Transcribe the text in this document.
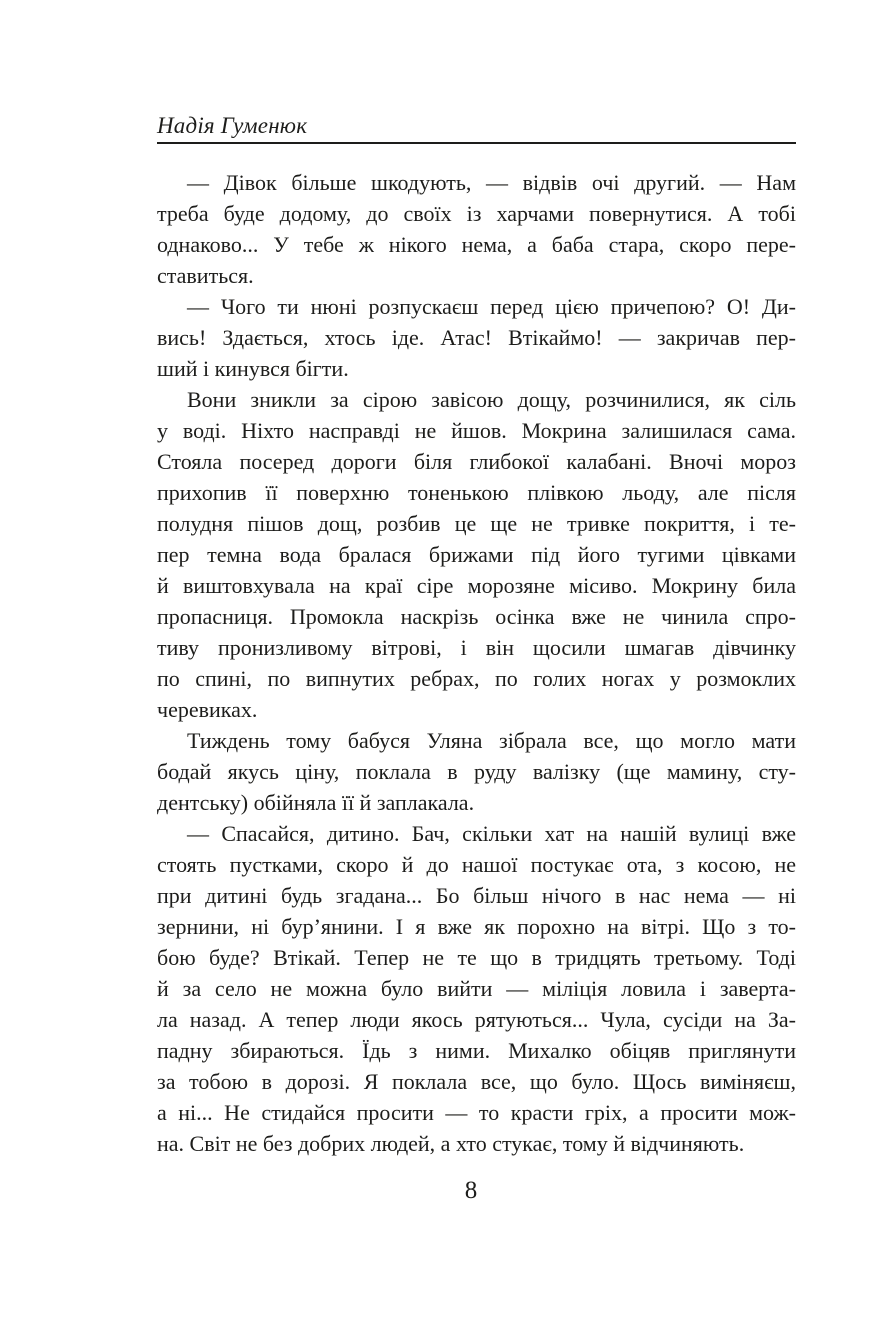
Надія Гуменюк
— Дівок більше шкодують, — відвів очі другий. — Нам
треба буде додому, до своїх із харчами повернутися. А тобі
однаково... У тебе ж нікого нема, а баба стара, скоро пере-
ставиться.
— Чого ти нюні розпускаєш перед цією причепою? О! Ди-
вись! Здається, хтось іде. Атас! Втікаймо! — закричав пер-
ший і кинувся бігти.
Вони зникли за сірою завісою дощу, розчинилися, як сіль
у воді. Ніхто насправді не йшов. Мокрина залишилася сама.
Стояла посеред дороги біля глибокої калабані. Вночі мороз
прихопив її поверхню тоненькою плівкою льоду, але після
полудня пішов дощ, розбив це ще не тривке покриття, і те-
пер темна вода бралася брижами під його тугими цівками
й виштовхувала на краї сіре морозяне місиво. Мокрину била
пропасниця. Промокла наскрізь осінка вже не чинила спро-
тиву пронизливому вітрові, і він щосили шмагав дівчинку
по спині, по випнутих ребрах, по голих ногах у розмоклих
черевиках.
Тиждень тому бабуся Уляна зібрала все, що могло мати
бодай якусь ціну, поклала в руду валізку (ще мамину, сту-
дентську) обійняла її й заплакала.
— Спасайся, дитино. Бач, скільки хат на нашій вулиці вже
стоять пустками, скоро й до нашої постукає ота, з косою, не
при дитині будь згадана... Бо більш нічого в нас нема — ні
зернини, ні бур’янини. І я вже як порохно на вітрі. Що з то-
бою буде? Втікай. Тепер не те що в тридцять третьому. Тоді
й за село не можна було вийти — міліція ловила і заверта-
ла назад. А тепер люди якось рятуються... Чула, сусіди на За-
падну збираються. Їдь з ними. Михалко обіцяв приглянути
за тобою в дорозі. Я поклала все, що було. Щось виміняєш,
а ні... Не стидайся просити — то красти гріх, а просити мож-
на. Світ не без добрих людей, а хто стукає, тому й відчиняють.
8
